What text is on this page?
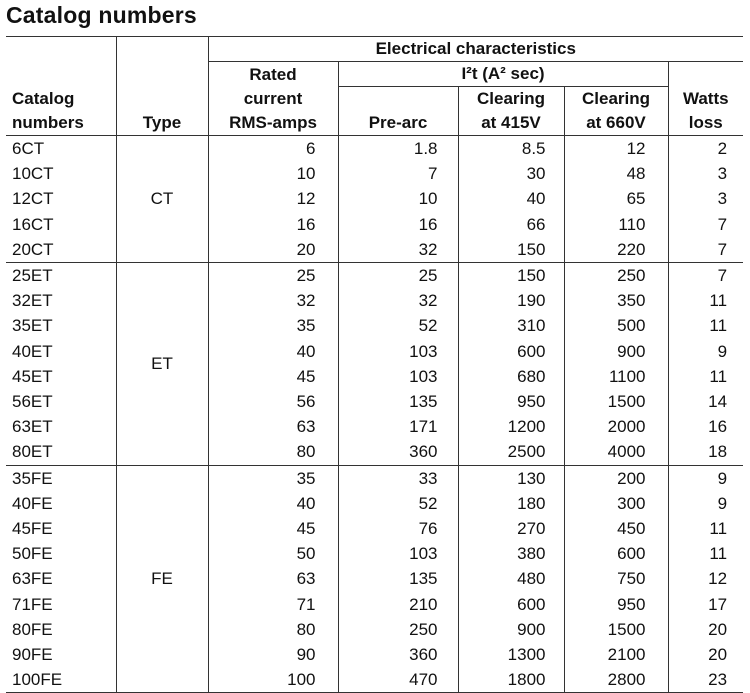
Catalog numbers
		Electrical characteristics				
		Rated	I²t (A² sec)			
Catalog		current		Clearing	Clearing	Watts
numbers	Type	RMS-amps	Pre-arc	at 415V	at 660V	loss
6CT	CT	6	1.8	8.5	12	2
10CT		10	7	30	48	3
12CT		12	10	40	65	3
16CT		16	16	66	110	7
20CT		20	32	150	220	7
25ET	ET	25	25	150	250	7
32ET		32	32	190	350	11
35ET		35	52	310	500	11
40ET		40	103	600	900	9
45ET		45	103	680	1100	11
56ET		56	135	950	1500	14
63ET		63	171	1200	2000	16
80ET		80	360	2500	4000	18
35FE	FE	35	33	130	200	9
40FE		40	52	180	300	9
45FE		45	76	270	450	11
50FE		50	103	380	600	11
63FE		63	135	480	750	12
71FE		71	210	600	950	17
80FE		80	250	900	1500	20
90FE		90	360	1300	2100	20
100FE		100	470	1800	2800	23
